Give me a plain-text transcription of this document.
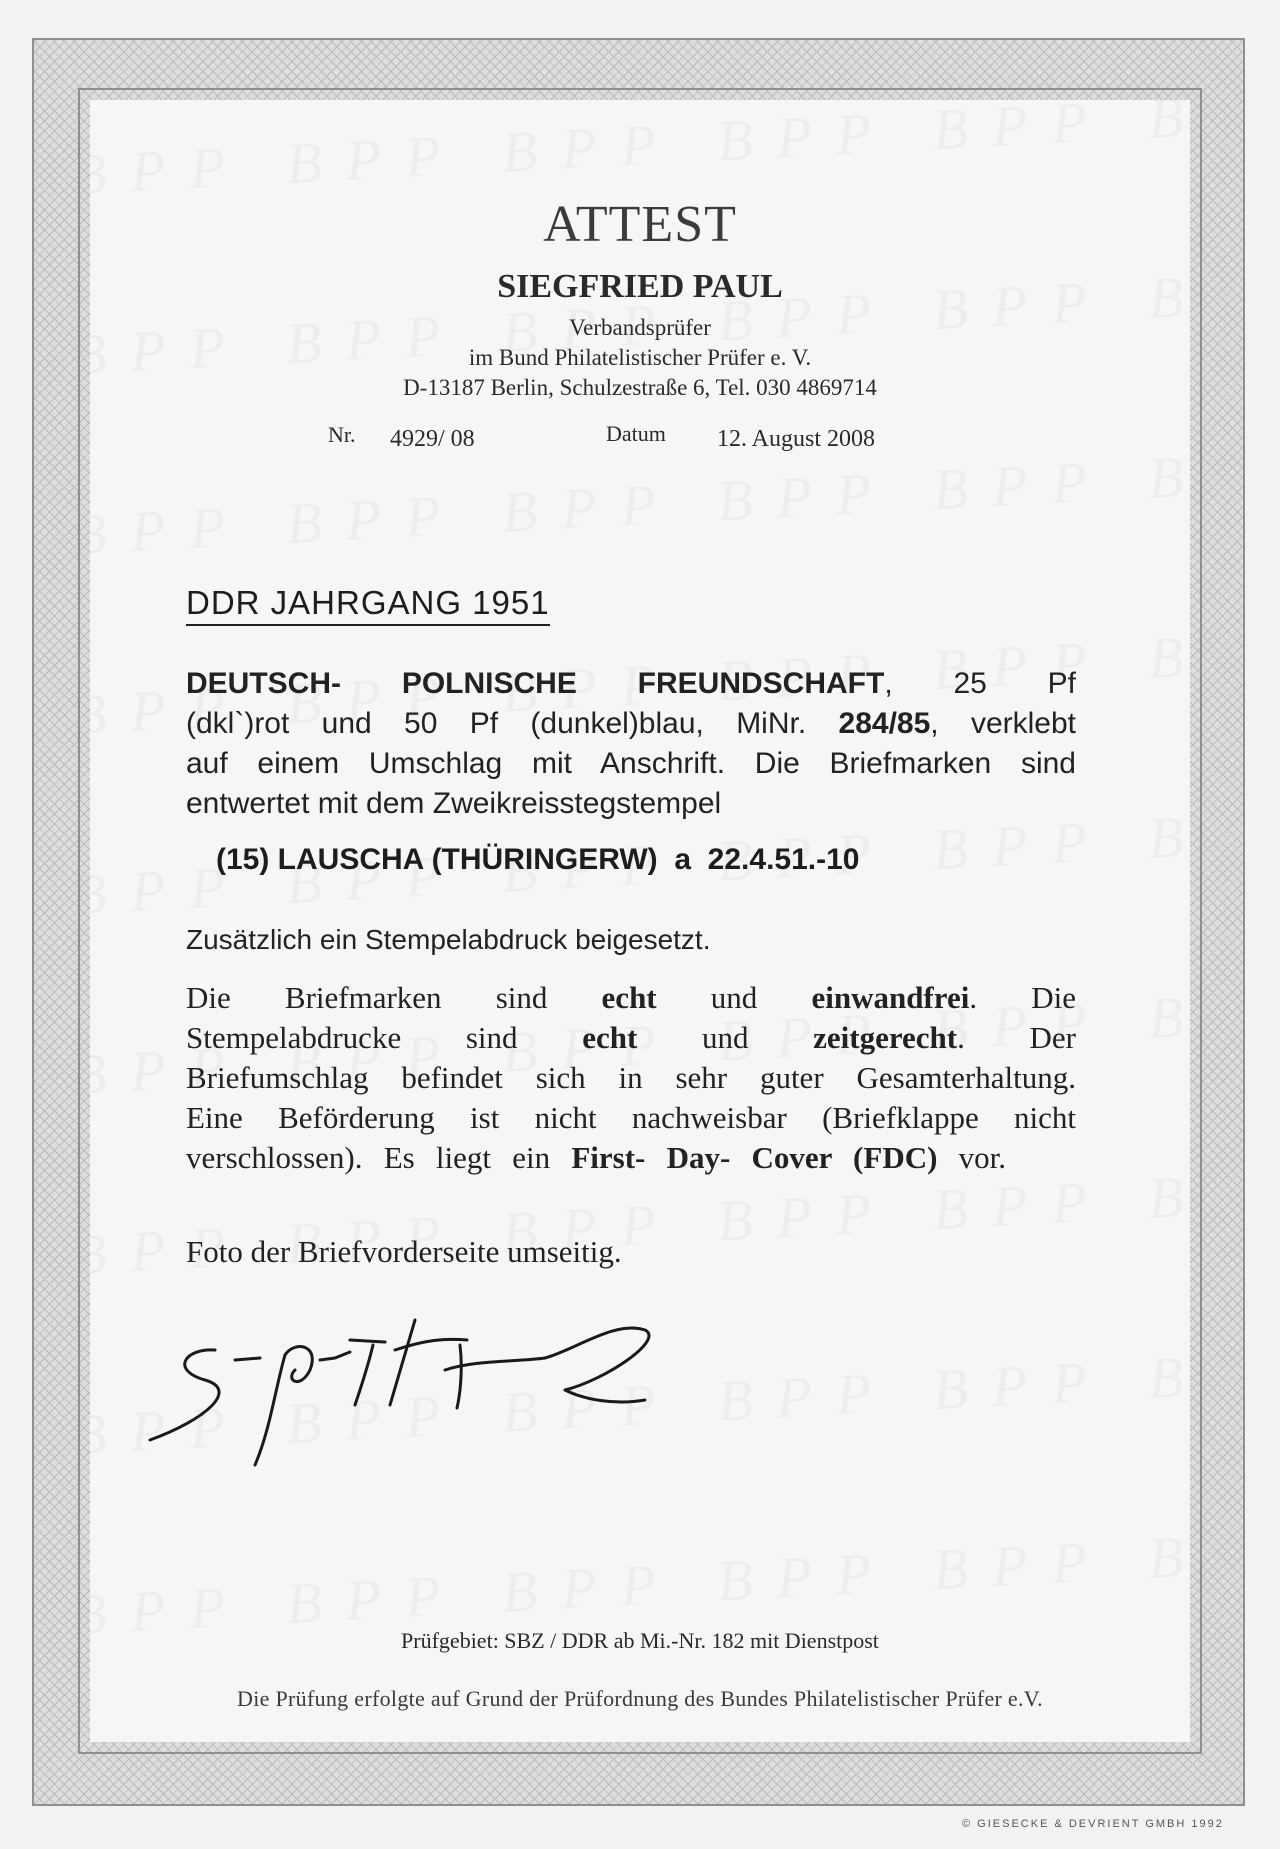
ATTEST
SIEGFRIED PAUL
Verbandsprüfer
im Bund Philatelistischer Prüfer e. V.
D-13187 Berlin, Schulzestraße 6, Tel. 030 4869714
Nr. 4929/ 08	Datum 12. August 2008
DDR JAHRGANG 1951
DEUTSCH- POLNISCHE FREUNDSCHAFT, 25 Pf
(dkl`)rot und 50 Pf (dunkel)blau, MiNr. 284/85, verklebt
auf einem Umschlag mit Anschrift. Die Briefmarken sind
entwertet mit dem Zweikreisstegstempel
(15) LAUSCHA (THÜRINGERW)  a  22.4.51.-10
Zusätzlich ein Stempelabdruck beigesetzt.
Die Briefmarken sind echt und einwandfrei. Die
Stempelabdrucke sind echt und zeitgerecht. Der
Briefumschlag befindet sich in sehr guter Gesamterhaltung.
Eine Beförderung ist nicht nachweisbar (Briefklappe nicht
verschlossen). Es liegt ein First- Day- Cover (FDC) vor.
Foto der Briefvorderseite umseitig.
Prüfgebiet: SBZ / DDR ab Mi.-Nr. 182 mit Dienstpost
Die Prüfung erfolgte auf Grund der Prüfordnung des Bundes Philatelistischer Prüfer e.V.
© GIESECKE & DEVRIENT GMBH 1992
